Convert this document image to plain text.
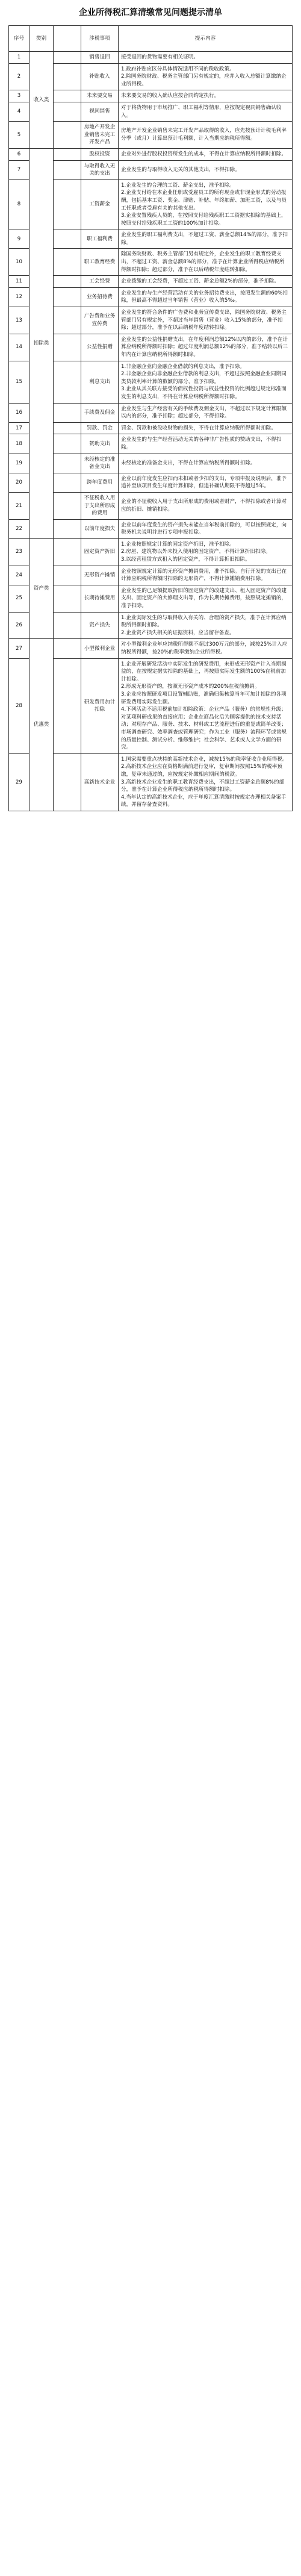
企业所得税汇算清缴常见问题提示清单
序号	类别		涉税事项	提示内容
1	收入类		销售退回	接受退回的货物需要有相关证明。
2			补贴收入	1.政府补贴应区分具体情况适用不同的税收政策。
2.除国务院财政、税务主管部门另有规定的，应并入收入总额计算缴纳企业所得税。
3			未来要交易	未来要交易的收入确认应按合同约定执行。
4			视同销售	对于将货物用于市场推广、职工福利等情形，应按规定视同销售确认收入。
5			房地产开发企业销售未完工开发产品	房地产开发企业销售未完工开发产品取得的收入，应先按预计计税毛利率分季（或月）计算出预计毛利额，计入当期应纳税所得额。
6	扣除类		股权投资	企业对外进行股权投资所发生的成本，不得在计算应纳税所得额时扣除。
7			与取得收入无关的支出	企业发生的与取得收入无关的其他支出，不得扣除。
8			工资薪金	1.企业发生的合理的工资、薪金支出，准予扣除。
2.企业支付给在本企业任职或受雇员工的所有现金或非现金形式的劳动报酬，包括基本工资、奖金、津贴、补贴、年终加薪、加班工资，以及与员工任职或者受雇有关的其他支出。
3.企业安置残疾人员的，在按照支付给残疾职工工资据实扣除的基础上，按照支付给残疾职工工资的100%加计扣除。
9			职工福利费	企业发生的职工福利费支出，不超过工资、薪金总额14%的部分，准予扣除。
10			职工教育经费	除国务院财政、税务主管部门另有规定外，企业发生的职工教育经费支出，不超过工资、薪金总额8%的部分，准予在计算企业所得税应纳税所得额时扣除；超过部分，准予在以后纳税年度结转扣除。
11			工会经费	企业拨缴的工会经费，不超过工资、薪金总额2%的部分，准予扣除。
12			业务招待费	企业发生的与生产经营活动有关的业务招待费支出，按照发生额的60%扣除，但最高不得超过当年销售（营业）收入的5‰。
13			广告费和业务宣传费	企业发生的符合条件的广告费和业务宣传费支出，除国务院财政、税务主管部门另有规定外，不超过当年销售（营业）收入15%的部分，准予扣除；超过部分，准予在以后纳税年度结转扣除。
14			公益性捐赠	企业发生的公益性捐赠支出，在年度利润总额12%以内的部分，准予在计算应纳税所得额时扣除；超过年度利润总额12%的部分，准予结转以后三年内在计算应纳税所得额时扣除。
15			利息支出	1.非金融企业向金融企业借款的利息支出，准予扣除。
2.非金融企业向非金融企业借款的利息支出，不超过按照金融企业同期同类贷款利率计算的数额的部分，准予扣除。
3.企业从其关联方接受的债权性投资与权益性投资的比例超过规定标准而发生的利息支出，不得在计算应纳税所得额时扣除。
16			手续费及佣金	企业发生与生产经营有关的手续费及佣金支出，不超过以下规定计算限额以内的部分，准予扣除；超过部分，不得扣除。
17			罚款、罚金	罚金、罚款和被没收财物的损失，不得在计算应纳税所得额时扣除。
18			赞助支出	企业发生的与生产经营活动无关的各种非广告性质的赞助支出，不得扣除。
19			未经核定的准备金支出	未经核定的准备金支出，不得在计算应纳税所得额时扣除。
20			跨年度费用	企业以前年度发生应扣而未扣或者少扣的支出，专项申报及说明后，准予追补至该项目发生年度计算扣除，但追补确认期限不得超过5年。
21			不征税收入用于支出所形成的费用	企业的不征税收入用于支出所形成的费用或者财产，不得扣除或者计算对应的折旧、摊销扣除。
22			以前年度损失	企业以前年度发生的资产损失未能在当年税前扣除的，可以按照规定，向税务机关说明并进行专项申报扣除。
23	资产类		固定资产折旧	1.企业按照规定计算的固定资产折旧，准予扣除。
2.房屋、建筑物以外未投入使用的固定资产，不得计算折旧扣除。
3.以经营租赁方式租入的固定资产，不得计算折旧扣除。
24			无形资产摊销	企业按照规定计算的无形资产摊销费用，准予扣除。自行开发的支出已在计算应纳税所得额时扣除的无形资产，不得计算摊销费用扣除。
25			长期待摊费用	企业发生的已足额提取折旧的固定资产的改建支出、租入固定资产的改建支出、固定资产的大修理支出等，作为长期待摊费用，按照规定摊销的，准予扣除。
26			资产损失	1.企业实际发生的与取得收入有关的、合理的资产损失，准予在计算应纳税所得额时扣除。
2.企业资产损失相关的证据资料，应当留存备查。
27	优惠类		小型微利企业	对小型微利企业年应纳税所得额不超过300万元的部分，减按25%计入应纳税所得额，按20%的税率缴纳企业所得税。
28			研发费用加计扣除	1.企业开展研发活动中实际发生的研发费用，未形成无形资产计入当期损益的，在按规定据实扣除的基础上，再按照实际发生额的100%在税前加计扣除。
2.形成无形资产的，按照无形资产成本的200%在税前摊销。
3.企业应按照研发项目设置辅助账，准确归集核算当年可加计扣除的各项研发费用实际发生额。
4.下列活动不适用税前加计扣除政策：企业产品（服务）的常规性升级；对某项科研成果的直接应用；企业在商品化后为顾客提供的技术支持活动；对现存产品、服务、技术、材料或工艺流程进行的重复或简单改变；市场调查研究、效率调查或管理研究；作为工业（服务）流程环节或常规的质量控制、测试分析、维修维护；社会科学、艺术或人文学方面的研究。
29			高新技术企业	1.国家需要重点扶持的高新技术企业，减按15%的税率征收企业所得税。
2.高新技术企业应在资格期满前进行复审，复审期间按照15%的税率预缴，复审未通过的，应按规定补缴相应期间的税款。
3.高新技术企业发生的职工教育经费支出，不超过工资薪金总额8%的部分，准予在计算企业所得税应纳税所得额时扣除。
4.当年认定的高新技术企业，应于年度汇算清缴时按规定办理相关备案手续，并留存备查资料。
